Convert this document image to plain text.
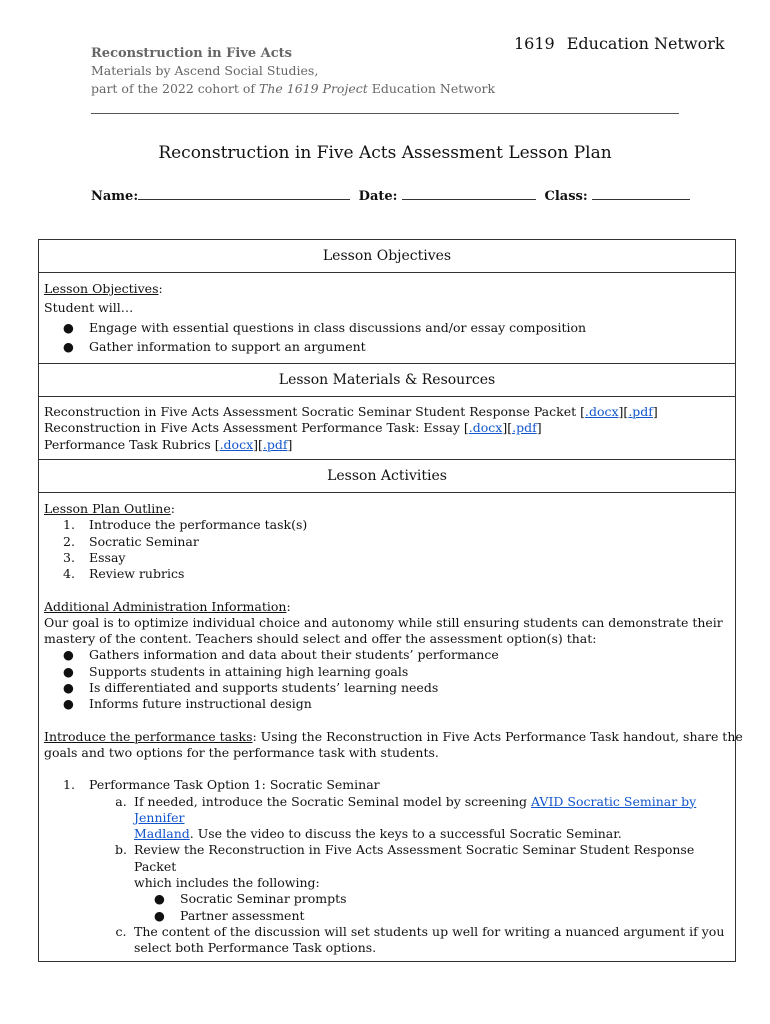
Reconstruction in Five Acts
Materials by Ascend Social Studies,
part of the 2022 cohort of The 1619 Project Education Network
1619 Education Network
Reconstruction in Five Acts Assessment Lesson Plan
Name:	Date:	Class:
Lesson Objectives
Lesson Objectives:
Student will…
●	Engage with essential questions in class discussions and/or essay composition
●	Gather information to support an argument
Lesson Materials & Resources
Reconstruction in Five Acts Assessment Socratic Seminar Student Response Packet [.docx][.pdf]
Reconstruction in Five Acts Assessment Performance Task: Essay [.docx][.pdf]
Performance Task Rubrics [.docx][.pdf]
Lesson Activities
Lesson Plan Outline:
1.	Introduce the performance task(s)
2.	Socratic Seminar
3.	Essay
4.	Review rubrics
Additional Administration Information:
Our goal is to optimize individual choice and autonomy while still ensuring students can demonstrate their
mastery of the content. Teachers should select and offer the assessment option(s) that:
●	Gathers information and data about their students’ performance
●	Supports students in attaining high learning goals
●	Is differentiated and supports students’ learning needs
●	Informs future instructional design
Introduce the performance tasks: Using the Reconstruction in Five Acts Performance Task handout, share the
goals and two options for the performance task with students.
1.	Performance Task Option 1: Socratic Seminar
a. If needed, introduce the Socratic Seminal model by screening AVID Socratic Seminar by Jennifer
Madland. Use the video to discuss the keys to a successful Socratic Seminar.
b. Review the Reconstruction in Five Acts Assessment Socratic Seminar Student Response Packet
which includes the following:
●	Socratic Seminar prompts
●	Partner assessment
c. The content of the discussion will set students up well for writing a nuanced argument if you
select both Performance Task options.
